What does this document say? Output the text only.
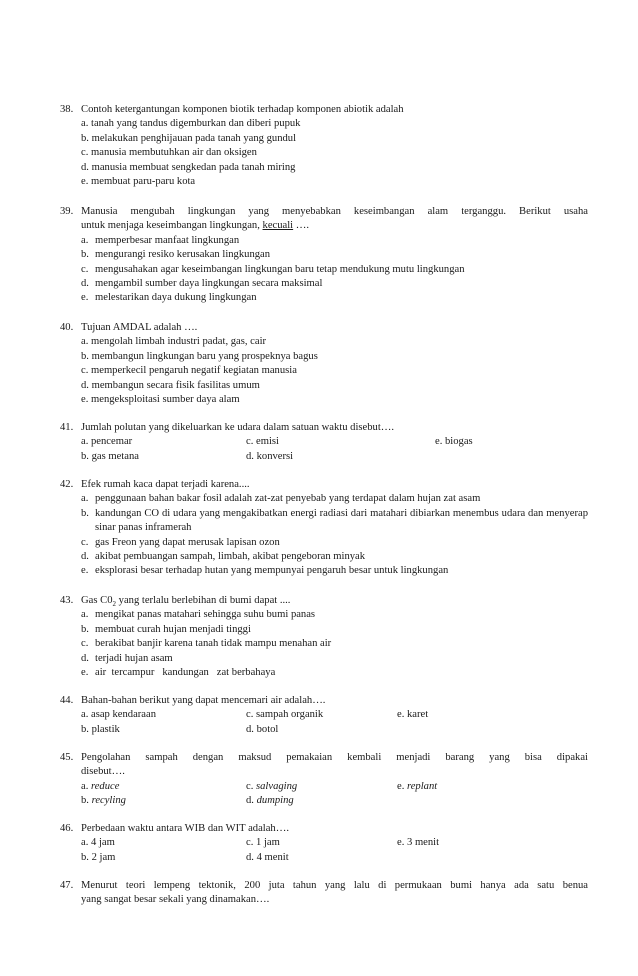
38. Contoh ketergantungan komponen biotik terhadap komponen abiotik adalah
a. tanah yang tandus digemburkan dan diberi pupuk
b. melakukan penghijauan pada tanah yang gundul
c. manusia membutuhkan air dan oksigen
d. manusia membuat sengkedan pada tanah miring
e. membuat paru-paru kota
39. Manusia mengubah lingkungan yang menyebabkan keseimbangan alam terganggu. Berikut usaha
untuk menjaga keseimbangan lingkungan, kecuali ….
a. memperbesar manfaat lingkungan
b. mengurangi resiko kerusakan lingkungan
c. mengusahakan agar keseimbangan lingkungan baru tetap mendukung mutu lingkungan
d. mengambil sumber daya lingkungan secara maksimal
e. melestarikan daya dukung lingkungan
40. Tujuan AMDAL adalah ….
a. mengolah limbah industri padat, gas, cair
b. membangun lingkungan baru yang prospeknya bagus
c. memperkecil pengaruh negatif kegiatan manusia
d. membangun secara fisik fasilitas umum
e. mengeksploitasi sumber daya alam
41. Jumlah polutan yang dikeluarkan ke udara dalam satuan waktu disebut….
a. pencemar	c. emisi	e. biogas
b. gas metana	d. konversi
42. Efek rumah kaca dapat terjadi karena....
a. penggunaan bahan bakar fosil adalah zat-zat penyebab yang terdapat dalam hujan zat asam
b. kandungan CO di udara yang mengakibatkan energi radiasi dari matahari dibiarkan menembus udara dan menyerap sinar panas inframerah
c. gas Freon yang dapat merusak lapisan ozon
d. akibat pembuangan sampah, limbah, akibat pengeboran minyak
e. eksplorasi besar terhadap hutan yang mempunyai pengaruh besar untuk lingkungan
43. Gas $C0_2$ yang terlalu berlebihan di bumi dapat ....
a. mengikat panas matahari sehingga suhu bumi panas
b. membuat curah hujan menjadi tinggi
c. berakibat banjir karena tanah tidak mampu menahan air
d. terjadi hujan asam
e. air  tercampur   kandungan   zat berbahaya
44. Bahan-bahan berikut yang dapat mencemari air adalah….
a. asap kendaraan	c. sampah organik	e. karet
b. plastik	d. botol
45. Pengolahan sampah dengan maksud pemakaian kembali menjadi barang yang bisa dipakai
disebut….
a. reduce	c. salvaging	e. replant
b. recyling	d. dumping
46. Perbedaan waktu antara WIB dan WIT adalah….
a. 4 jam	c. 1 jam	e. 3 menit
b. 2 jam	d. 4 menit
47. Menurut teori lempeng tektonik, 200 juta tahun yang lalu di permukaan bumi hanya ada satu benua
yang sangat besar sekali yang dinamakan….
